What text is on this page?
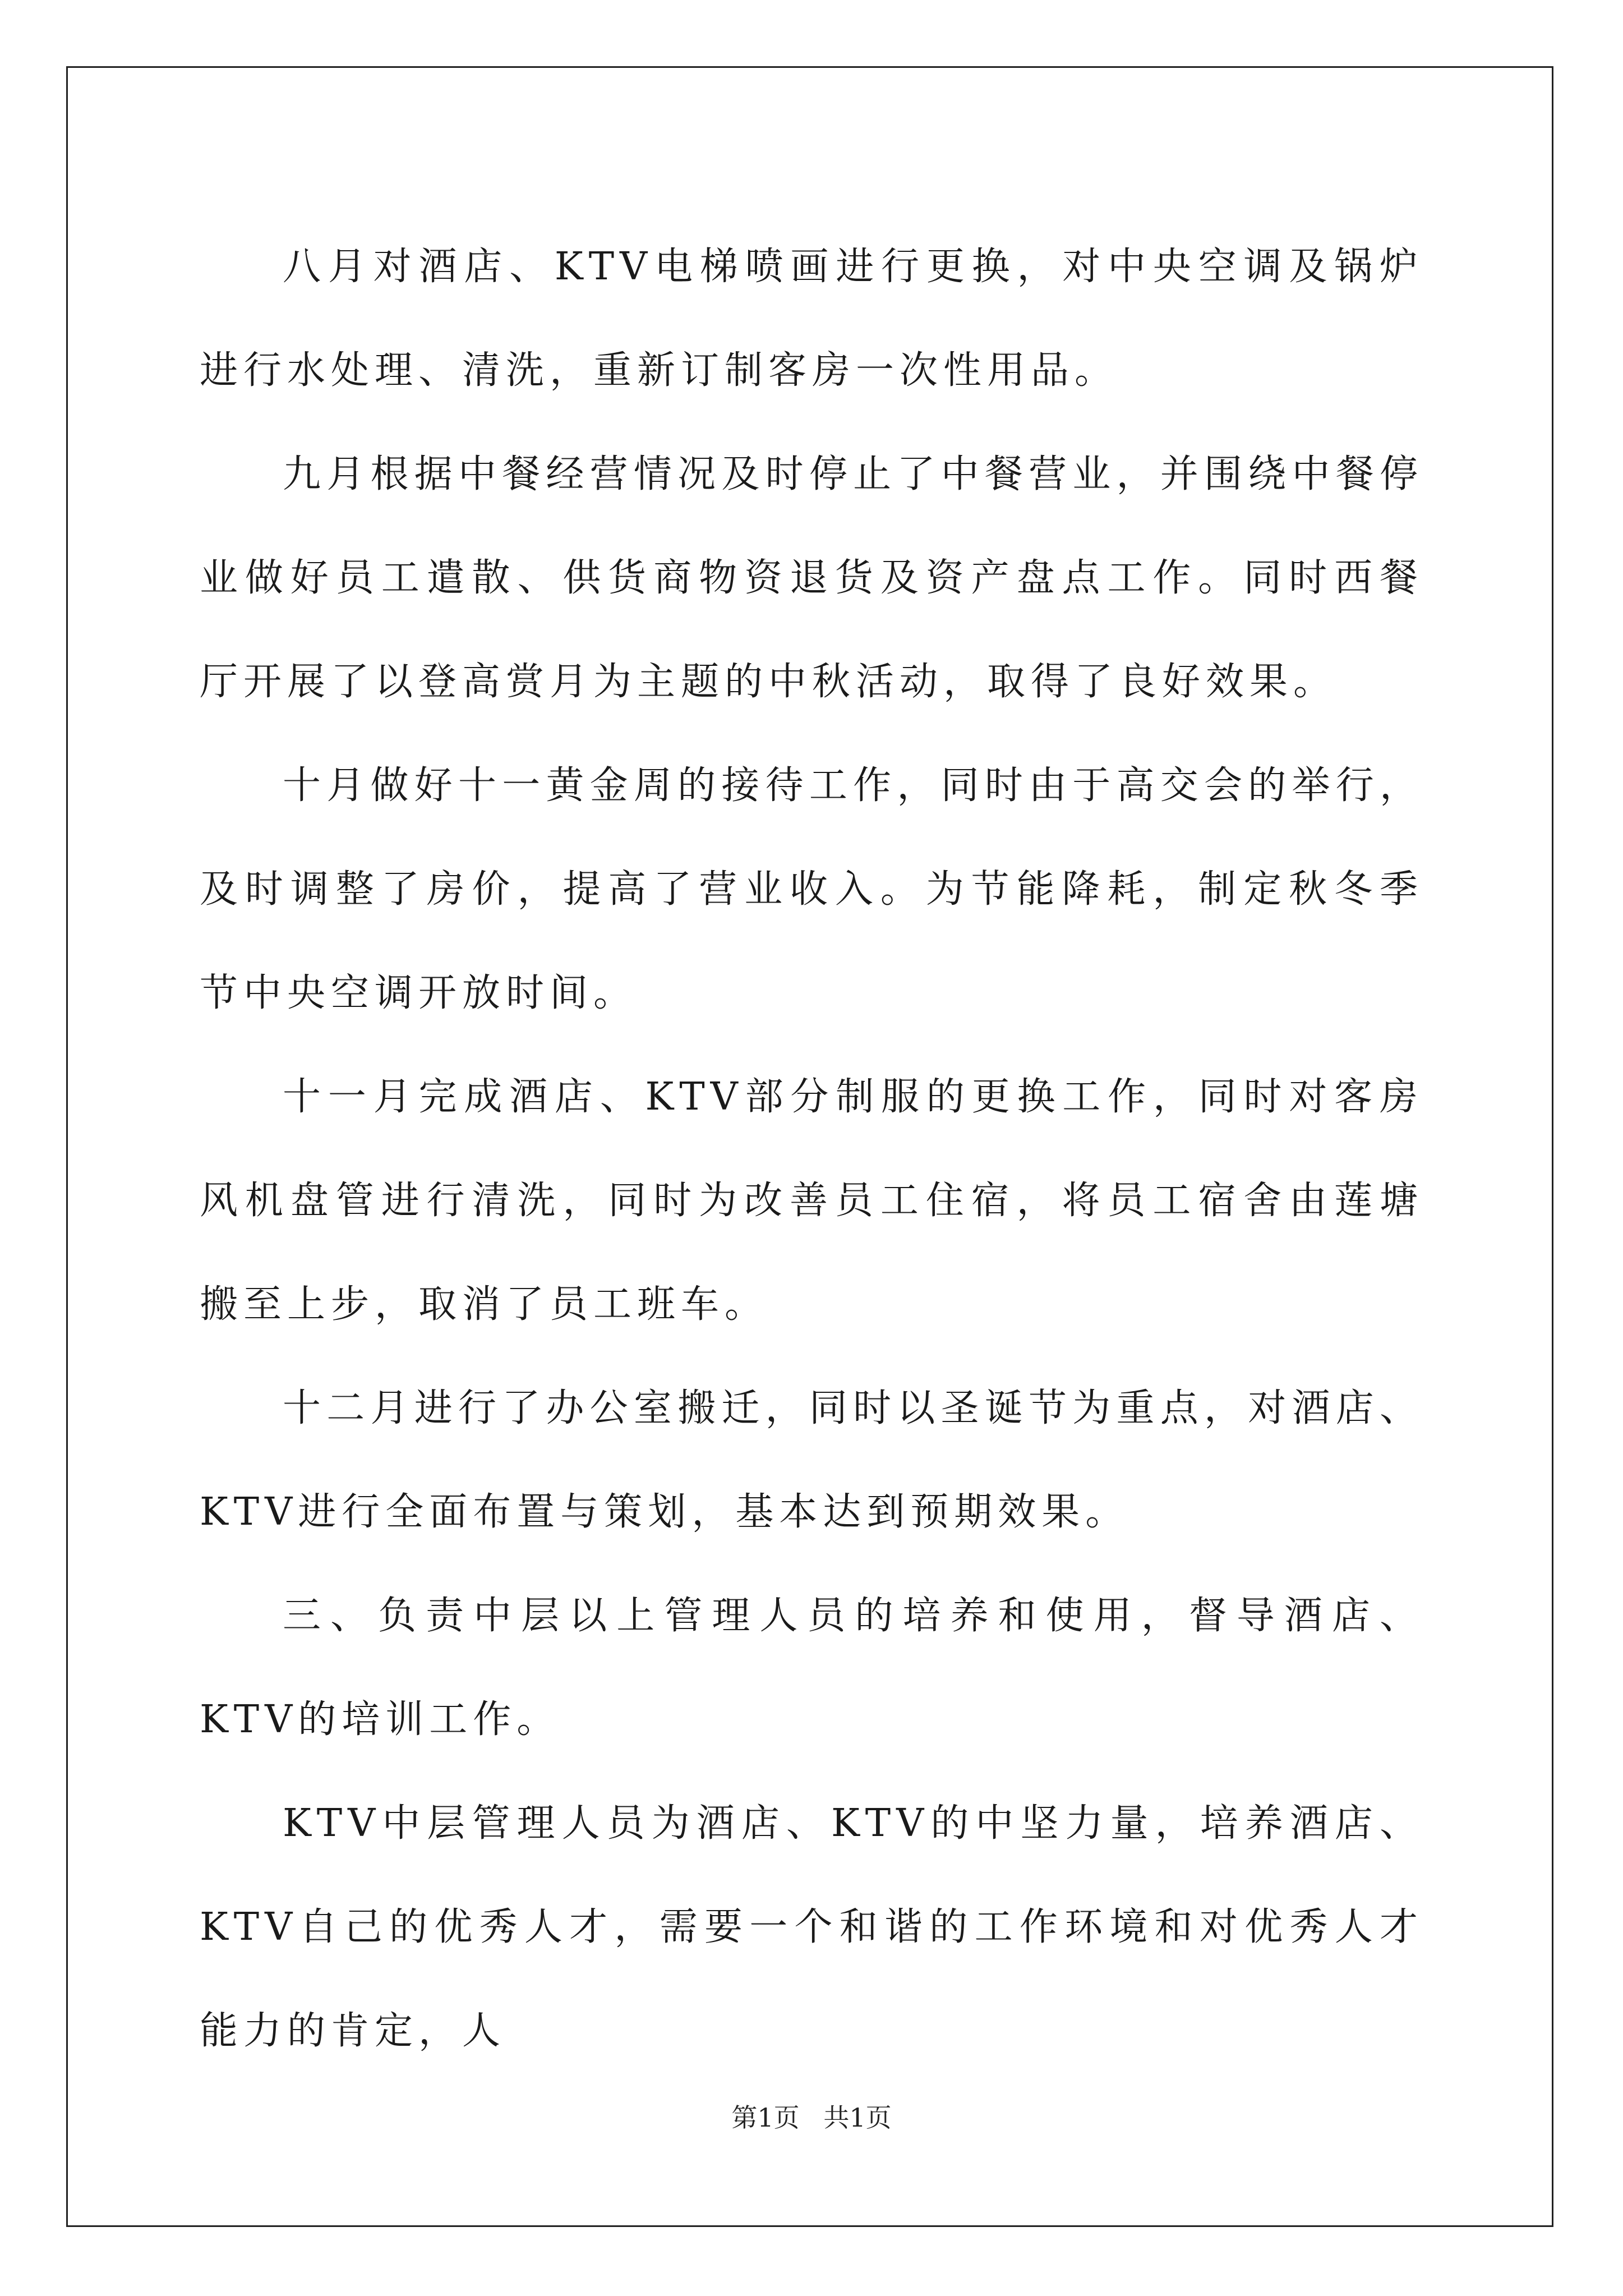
八月对酒店、KTV电梯喷画进行更换，对中央空调及锅炉进行水处理、清洗，重新订制客房一次性用品。

九月根据中餐经营情况及时停止了中餐营业，并围绕中餐停业做好员工遣散、供货商物资退货及资产盘点工作。同时西餐厅开展了以登高赏月为主题的中秋活动，取得了良好效果。

十月做好十一黄金周的接待工作，同时由于高交会的举行，及时调整了房价，提高了营业收入。为节能降耗，制定秋冬季节中央空调开放时间。

十一月完成酒店、KTV部分制服的更换工作，同时对客房风机盘管进行清洗，同时为改善员工住宿，将员工宿舍由莲塘搬至上步，取消了员工班车。

十二月进行了办公室搬迁，同时以圣诞节为重点，对酒店、KTV进行全面布置与策划，基本达到预期效果。

三、负责中层以上管理人员的培养和使用，督导酒店、KTV的培训工作。

KTV中层管理人员为酒店、KTV的中坚力量，培养酒店、KTV自己的优秀人才，需要一个和谐的工作环境和对优秀人才能力的肯定，人

第1页 共1页
